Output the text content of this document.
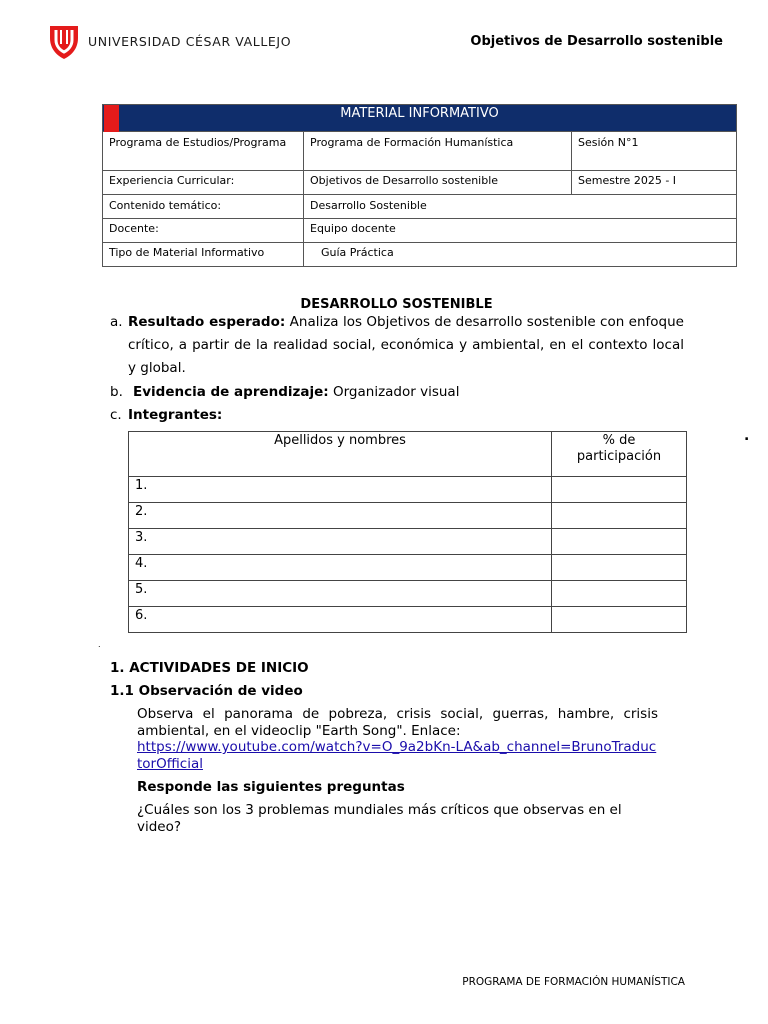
UNIVERSIDAD CÉSAR VALLEJO	Objetivos de Desarrollo sostenible
MATERIAL INFORMATIVO		
Programa de Estudios/Programa	Programa de Formación Humanística	Sesión N°1
Experiencia Curricular:	Objetivos de Desarrollo sostenible	Semestre 2025 - I
Contenido temático:	Desarrollo Sostenible	
Docente:	Equipo docente	
Tipo de Material Informativo	Guía Práctica	
DESARROLLO SOSTENIBLE
a. Resultado esperado: Analiza los Objetivos de desarrollo sostenible con enfoque crítico, a partir de la realidad social, económica y ambiental, en el contexto local y global.
b. Evidencia de aprendizaje: Organizador visual
c. Integrantes:
.
Apellidos y nombres	% de participación
1.	
2.	
3.	
4.	
5.	
6.	
.
1. ACTIVIDADES DE INICIO
1.1 Observación de video
Observa el panorama de pobreza, crisis social, guerras, hambre, crisis ambiental, en el videoclip "Earth Song". Enlace:
https://www.youtube.com/watch?v=O_9a2bKn-LA&ab_channel=BrunoTraductorOfficial
Responde las siguientes preguntas
¿Cuáles son los 3 problemas mundiales más críticos que observas en el video?
PROGRAMA DE FORMACIÓN HUMANÍSTICA
